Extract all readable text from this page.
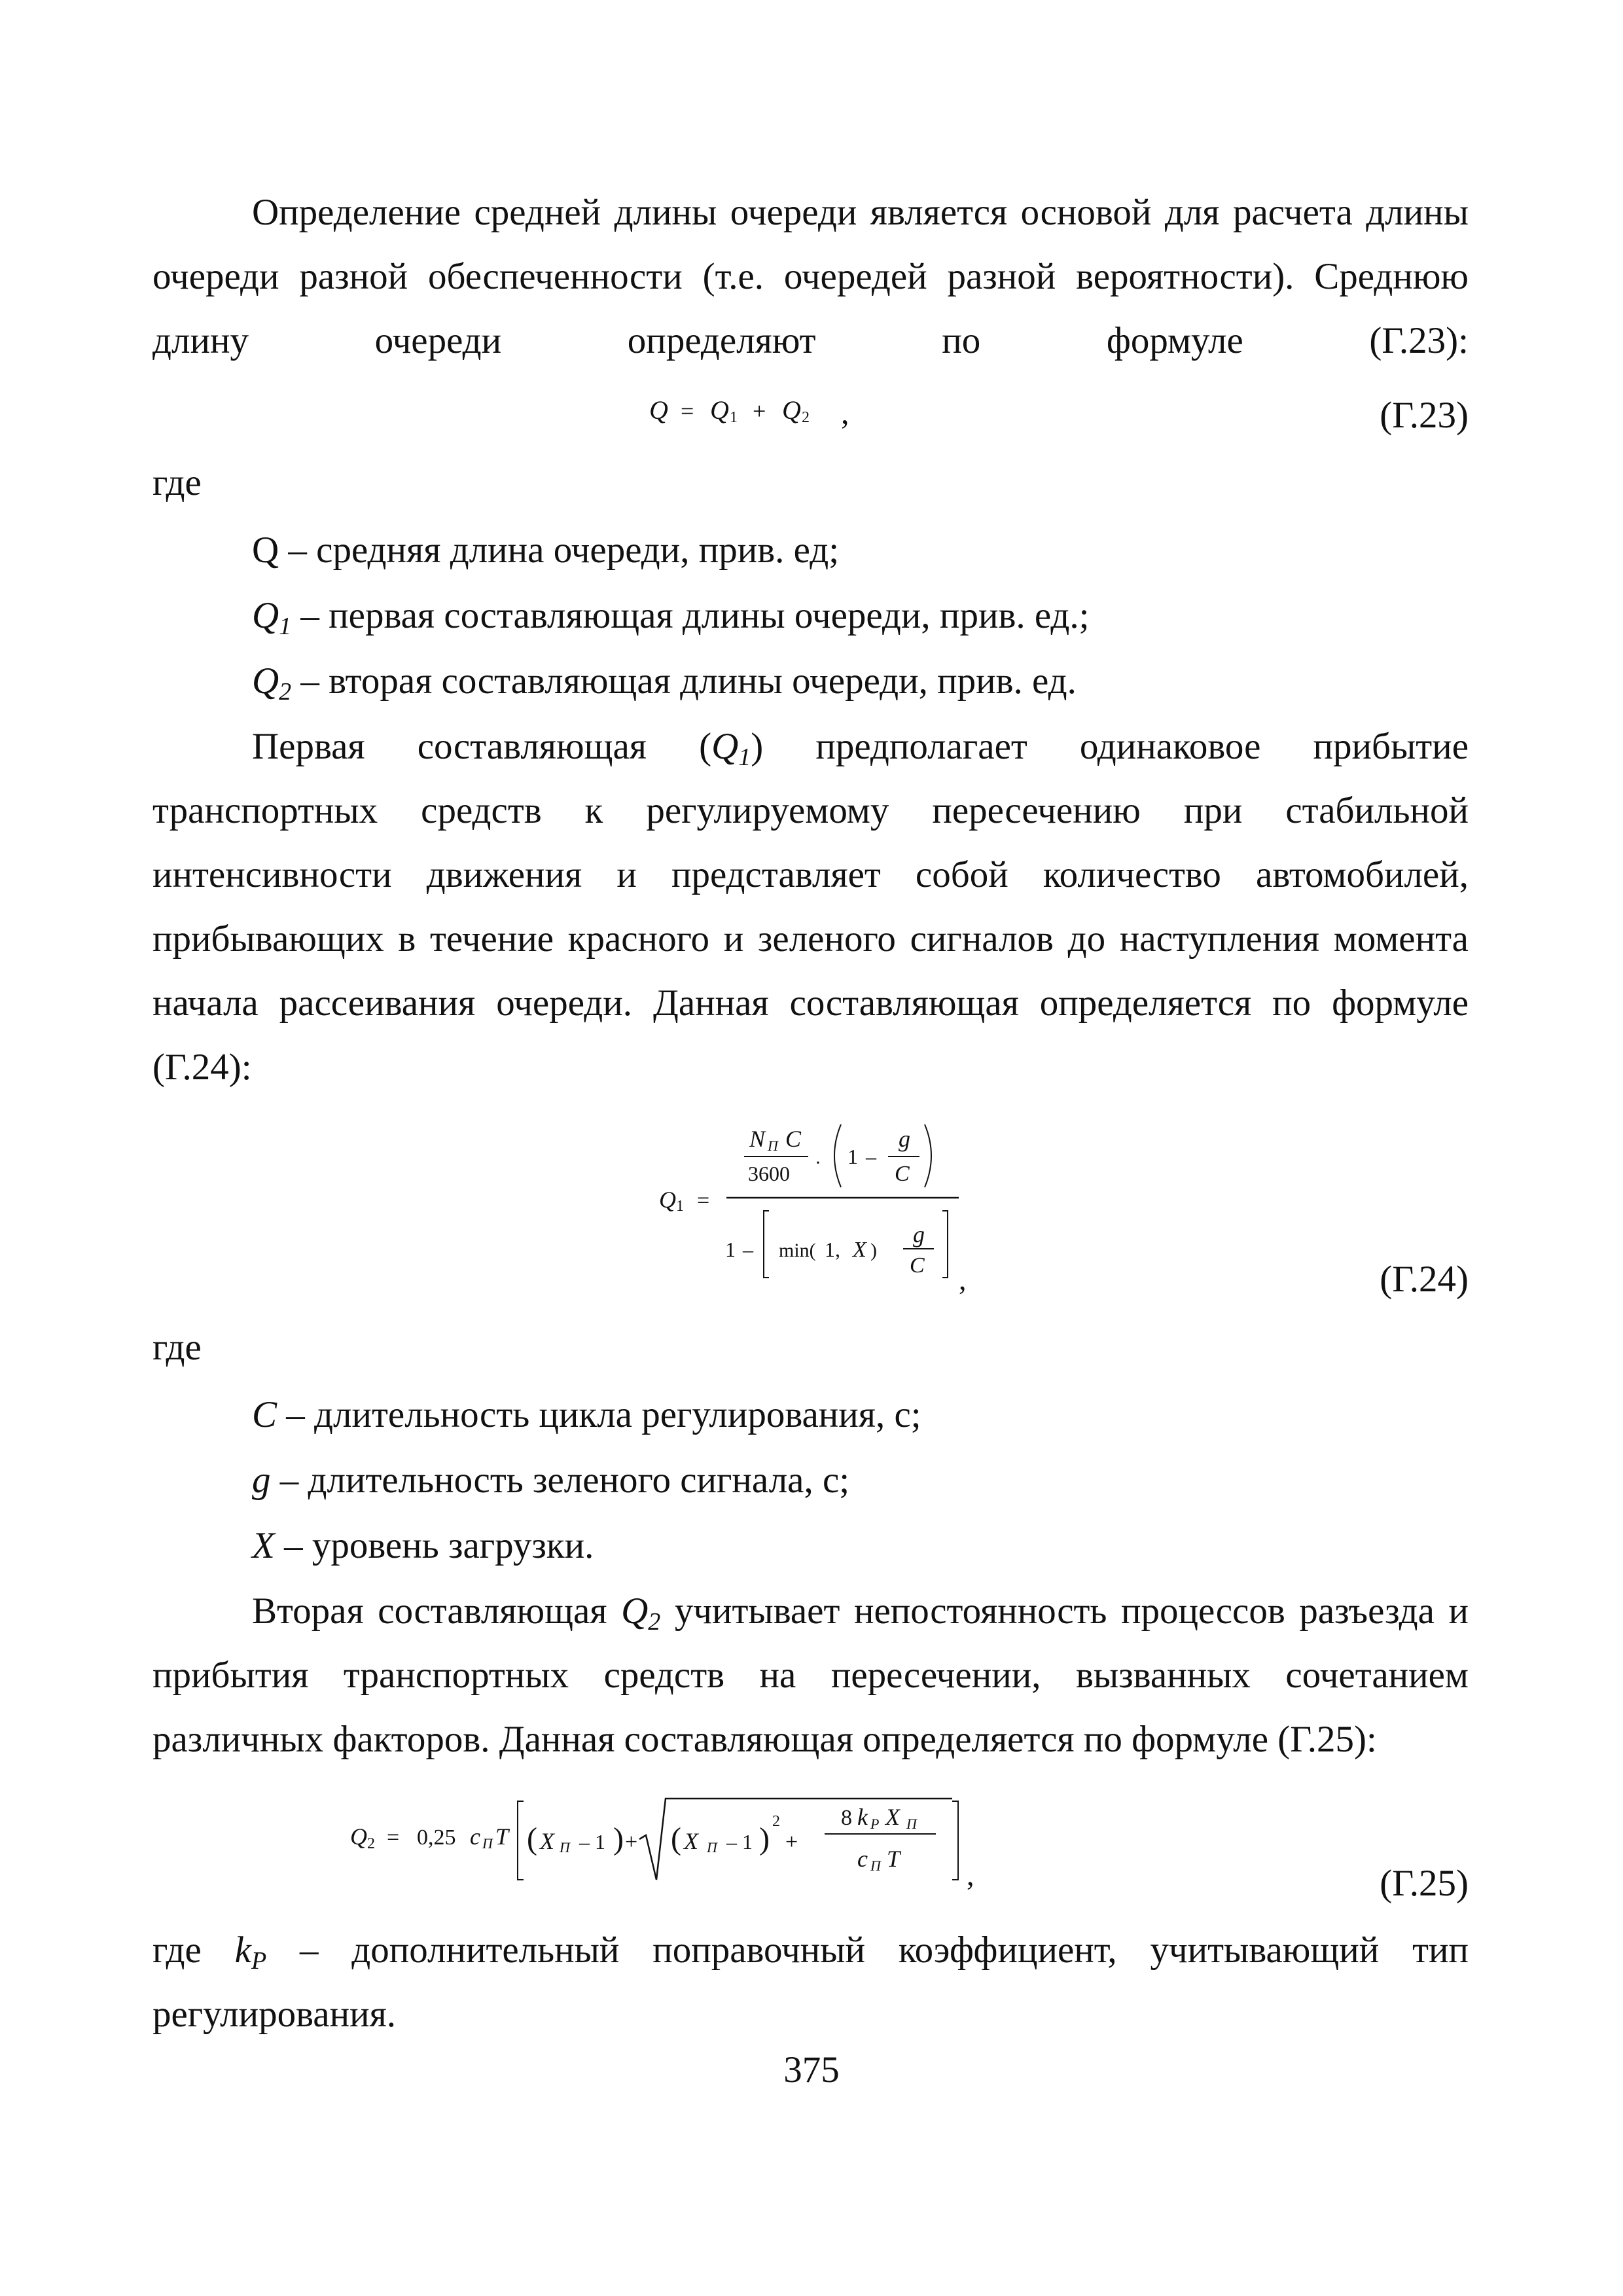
Определение средней длины очереди является основой для расчета длины очереди разной обеспеченности (т.е. очередей разной вероятности). Среднюю длину очереди определяют по формуле (Г.23):
Q = Q 1 + Q 2 ,	(Г.23)
где
Q – средняя длина очереди, прив. ед;
$Q_1$ – первая составляющая длины очереди, прив. ед.;
$Q_2$ – вторая составляющая длины очереди, прив. ед.
Первая составляющая $(Q_1)$ предполагает одинаковое прибытие транспортных средств к регулируемому пересечению при стабильной интенсивности движения и представляет собой количество автомобилей, прибывающих в течение красного и зеленого сигналов до наступления момента начала рассеивания очереди. Данная составляющая определяется по формуле (Г.24):
Q 1 =
N П C
3600 · 1 –
g
C
1 – min( 1, X )
g
C ,	(Г.24)
где
C – длительность цикла регулирования, с;
g – длительность зеленого сигнала, с;
X – уровень загрузки.
Вторая составляющая $Q_2$ учитывает непостоянность процессов разъезда и прибытия транспортных средств на пересечении, вызванных сочетанием различных факторов. Данная составляющая определяется по формуле (Г.25):
Q 2 = 0,25 c П T ( X П – 1 ) + ( X П – 1 ) 2
+
8 k P X П
c П T ,	(Г.25)
где $k_P$ – дополнительный поправочный коэффициент, учитывающий тип регулирования.
375
